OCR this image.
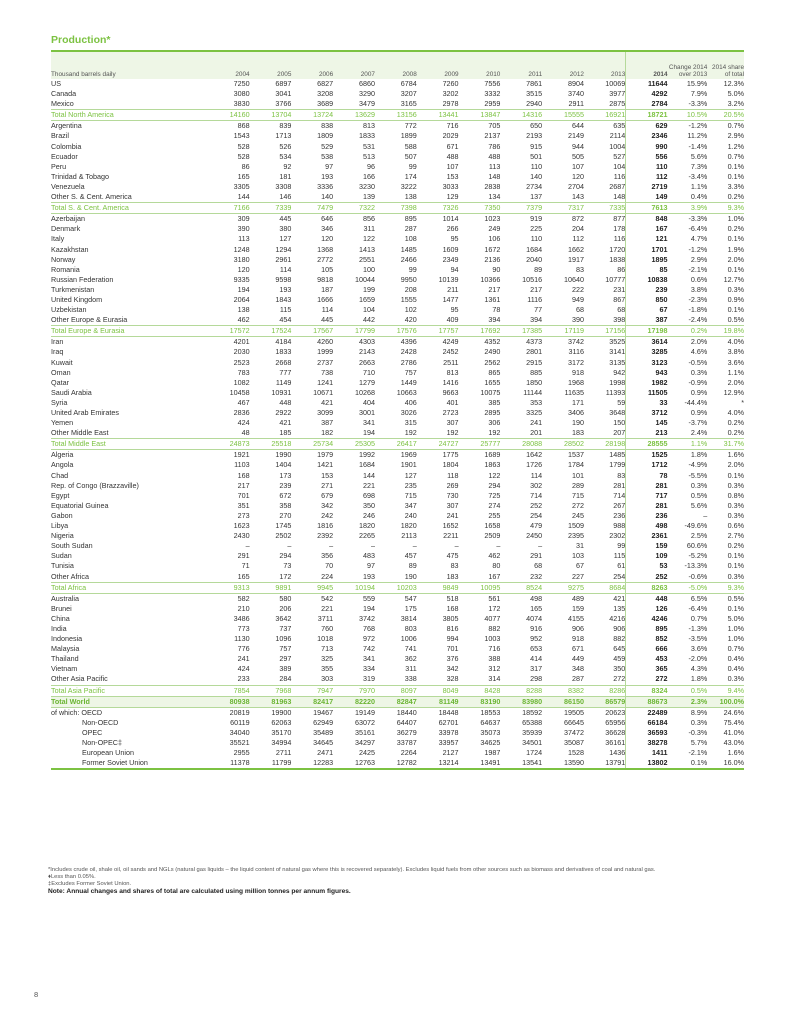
Production*
Thousand barrels daily	2004	2005	2006	2007	2008	2009	2010	2011	2012	2013	2014	Change 2014 over 2013	2014 share of total
US	7250	6897	6827	6860	6784	7260	7556	7861	8904	10069	11644	15.9%	12.3%
Canada	3080	3041	3208	3290	3207	3202	3332	3515	3740	3977	4292	7.9%	5.0%
Mexico	3830	3766	3689	3479	3165	2978	2959	2940	2911	2875	2784	-3.3%	3.2%
Total North America	14160	13704	13724	13629	13156	13441	13847	14316	15555	16921	18721	10.5%	20.5%
Argentina	868	839	838	813	772	716	705	650	644	635	629	-1.2%	0.7%
Brazil	1543	1713	1809	1833	1899	2029	2137	2193	2149	2114	2346	11.2%	2.9%
Colombia	528	526	529	531	588	671	786	915	944	1004	990	-1.4%	1.2%
Ecuador	528	534	538	513	507	488	488	501	505	527	556	5.6%	0.7%
Peru	86	92	97	96	99	107	113	110	107	104	110	7.3%	0.1%
Trinidad & Tobago	165	181	193	166	174	153	148	140	120	116	112	-3.4%	0.1%
Venezuela	3305	3308	3336	3230	3222	3033	2838	2734	2704	2687	2719	1.1%	3.3%
Other S. & Cent. America	144	146	140	139	138	129	134	137	143	148	149	0.4%	0.2%
Total S. & Cent. America	7166	7339	7479	7322	7398	7326	7350	7379	7317	7335	7613	3.9%	9.3%
Azerbaijan	309	445	646	856	895	1014	1023	919	872	877	848	-3.3%	1.0%
Denmark	390	380	346	311	287	266	249	225	204	178	167	-6.4%	0.2%
Italy	113	127	120	122	108	95	106	110	112	116	121	4.7%	0.1%
Kazakhstan	1248	1294	1368	1413	1485	1609	1672	1684	1662	1720	1701	-1.2%	1.9%
Norway	3180	2961	2772	2551	2466	2349	2136	2040	1917	1838	1895	2.9%	2.0%
Romania	120	114	105	100	99	94	90	89	83	86	85	-2.1%	0.1%
Russian Federation	9335	9598	9818	10044	9950	10139	10366	10516	10640	10777	10838	0.6%	12.7%
Turkmenistan	194	193	187	199	208	211	217	217	222	231	239	3.8%	0.3%
United Kingdom	2064	1843	1666	1659	1555	1477	1361	1116	949	867	850	-2.3%	0.9%
Uzbekistan	138	115	114	104	102	95	78	77	68	68	67	-1.8%	0.1%
Other Europe & Eurasia	462	454	445	442	420	409	394	394	390	398	387	-2.4%	0.5%
Total Europe & Eurasia	17572	17524	17567	17799	17576	17757	17692	17385	17119	17156	17198	0.2%	19.8%
Iran	4201	4184	4260	4303	4396	4249	4352	4373	3742	3525	3614	2.0%	4.0%
Iraq	2030	1833	1999	2143	2428	2452	2490	2801	3116	3141	3285	4.6%	3.8%
Kuwait	2523	2668	2737	2663	2786	2511	2562	2915	3172	3135	3123	-0.5%	3.6%
Oman	783	777	738	710	757	813	865	885	918	942	943	0.3%	1.1%
Qatar	1082	1149	1241	1279	1449	1416	1655	1850	1968	1998	1982	-0.9%	2.0%
Saudi Arabia	10458	10931	10671	10268	10663	9663	10075	11144	11635	11393	11505	0.9%	12.9%
Syria	467	448	421	404	406	401	385	353	171	59	33	-44.4%	*
United Arab Emirates	2836	2922	3099	3001	3026	2723	2895	3325	3406	3648	3712	0.9%	4.0%
Yemen	424	421	387	341	315	307	306	241	190	150	145	-3.7%	0.2%
Other Middle East	48	185	182	194	192	192	192	201	183	207	213	2.4%	0.2%
Total Middle East	24873	25518	25734	25305	26417	24727	25777	28088	28502	28198	28555	1.1%	31.7%
Algeria	1921	1990	1979	1992	1969	1775	1689	1642	1537	1485	1525	1.8%	1.6%
Angola	1103	1404	1421	1684	1901	1804	1863	1726	1784	1799	1712	-4.9%	2.0%
Chad	168	173	153	144	127	118	122	114	101	83	78	-5.5%	0.1%
Rep. of Congo (Brazzaville)	217	239	271	221	235	269	294	302	289	281	281	0.3%	0.3%
Egypt	701	672	679	698	715	730	725	714	715	714	717	0.5%	0.8%
Equatorial Guinea	351	358	342	350	347	307	274	252	272	267	281	5.6%	0.3%
Gabon	273	270	242	246	240	241	255	254	245	236	236	–	0.3%
Libya	1623	1745	1816	1820	1820	1652	1658	479	1509	988	498	-49.6%	0.6%
Nigeria	2430	2502	2392	2265	2113	2211	2509	2450	2395	2302	2361	2.5%	2.7%
South Sudan	–	–	–	–	–	–	–	–	31	99	159	60.6%	0.2%
Sudan	291	294	356	483	457	475	462	291	103	115	109	-5.2%	0.1%
Tunisia	71	73	70	97	89	83	80	68	67	61	53	-13.3%	0.1%
Other Africa	165	172	224	193	190	183	167	232	227	254	252	-0.6%	0.3%
Total Africa	9313	9891	9945	10194	10203	9849	10095	8524	9275	8684	8263	-5.0%	9.3%
Australia	582	580	542	559	547	518	561	498	489	421	448	6.5%	0.5%
Brunei	210	206	221	194	175	168	172	165	159	135	126	-6.4%	0.1%
China	3486	3642	3711	3742	3814	3805	4077	4074	4155	4216	4246	0.7%	5.0%
India	773	737	760	768	803	816	882	916	906	906	895	-1.3%	1.0%
Indonesia	1130	1096	1018	972	1006	994	1003	952	918	882	852	-3.5%	1.0%
Malaysia	776	757	713	742	741	701	716	653	671	645	666	3.6%	0.7%
Thailand	241	297	325	341	362	376	388	414	449	459	453	-2.0%	0.4%
Vietnam	424	389	355	334	311	342	312	317	348	350	365	4.3%	0.4%
Other Asia Pacific	233	284	303	319	338	328	314	298	287	272	272	1.8%	0.3%
Total Asia Pacific	7854	7968	7947	7970	8097	8049	8428	8288	8382	8286	8324	0.5%	9.4%
Total World	80938	81963	82417	82220	82847	81149	83190	83980	86150	86579	88673	2.3%	100.0%
of which: OECD	20819	19900	19467	19149	18440	18448	18553	18592	19505	20623	22489	8.9%	24.6%
Non-OECD	60119	62063	62949	63072	64407	62701	64637	65388	66645	65956	66184	0.3%	75.4%
OPEC	34040	35170	35489	35161	36279	33978	35073	35939	37472	36628	36593	-0.3%	41.0%
Non-OPEC‡	35521	34994	34645	34297	33787	33957	34625	34501	35087	36161	38278	5.7%	43.0%
European Union	2955	2711	2471	2425	2264	2127	1987	1724	1528	1436	1411	-2.1%	1.6%
Former Soviet Union	11378	11799	12283	12763	12782	13214	13491	13541	13590	13791	13802	0.1%	16.0%
*Includes crude oil, shale oil, oil sands and NGLs (natural gas liquids – the liquid content of natural gas where this is recovered separately). Excludes liquid fuels from other sources such as biomass and derivatives of coal and natural gas.
♦Less than 0.05%.
‡Excludes Former Soviet Union.
Note: Annual changes and shares of total are calculated using million tonnes per annum figures.
8
